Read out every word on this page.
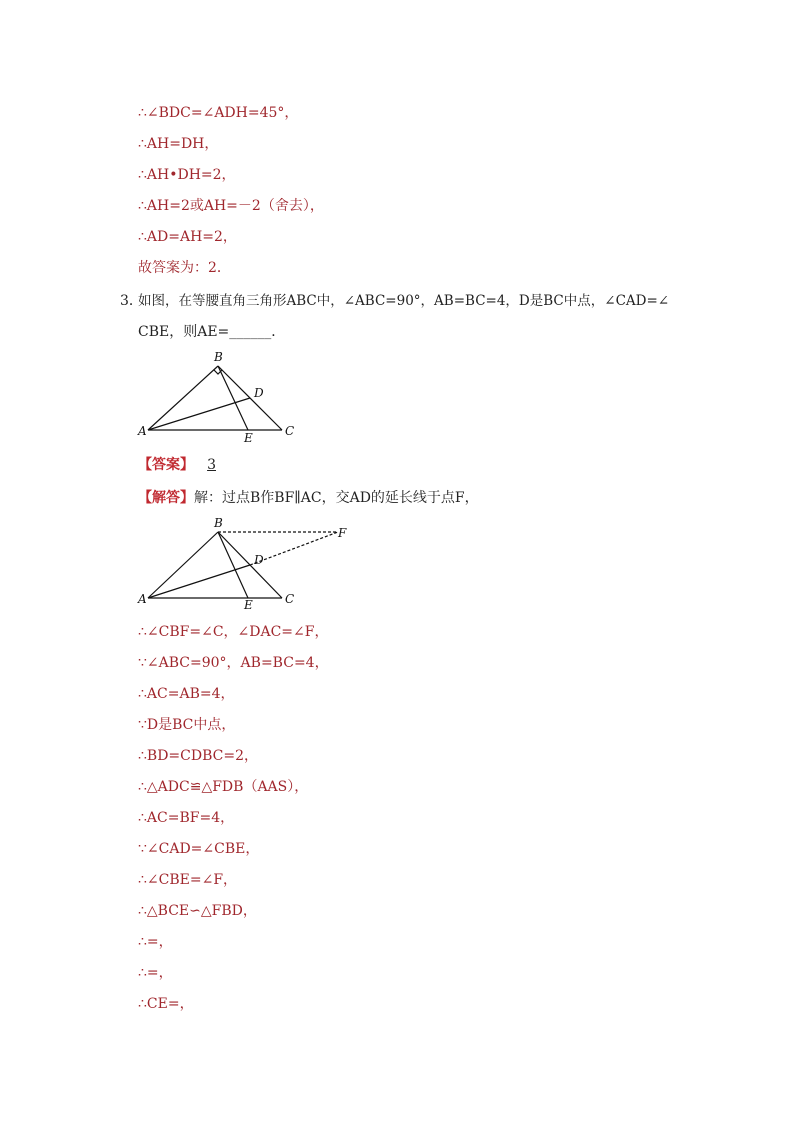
∴∠BDC=∠ADH=45°，
∴AH=DH，
∴AH•DH=2，
∴AH=2或AH=－2（舍去），
∴AD=AH=2，
故答案为：2．
3．
如图，在等腰直角三角形ABC中，∠ABC=90°，AB=BC=4，D是BC中点，∠CAD=∠
CBE，则AE=______．
B
D
A	E	C
【答案】 3
【解答】 解：过点B作BF∥AC，交AD的延长线于点F，
B
F
D
A	E	C
∴∠CBF=∠C，∠DAC=∠F，
∵∠ABC=90°，AB=BC=4，
∴AC=AB=4，
∵D是BC中点，
∴BD=CDBC=2，
∴△ADC≌△FDB（AAS），
∴AC=BF=4，
∵∠CAD=∠CBE，
∴∠CBE=∠F，
∴△BCE∽△FBD，
∴=，
∴=，
∴CE=，
